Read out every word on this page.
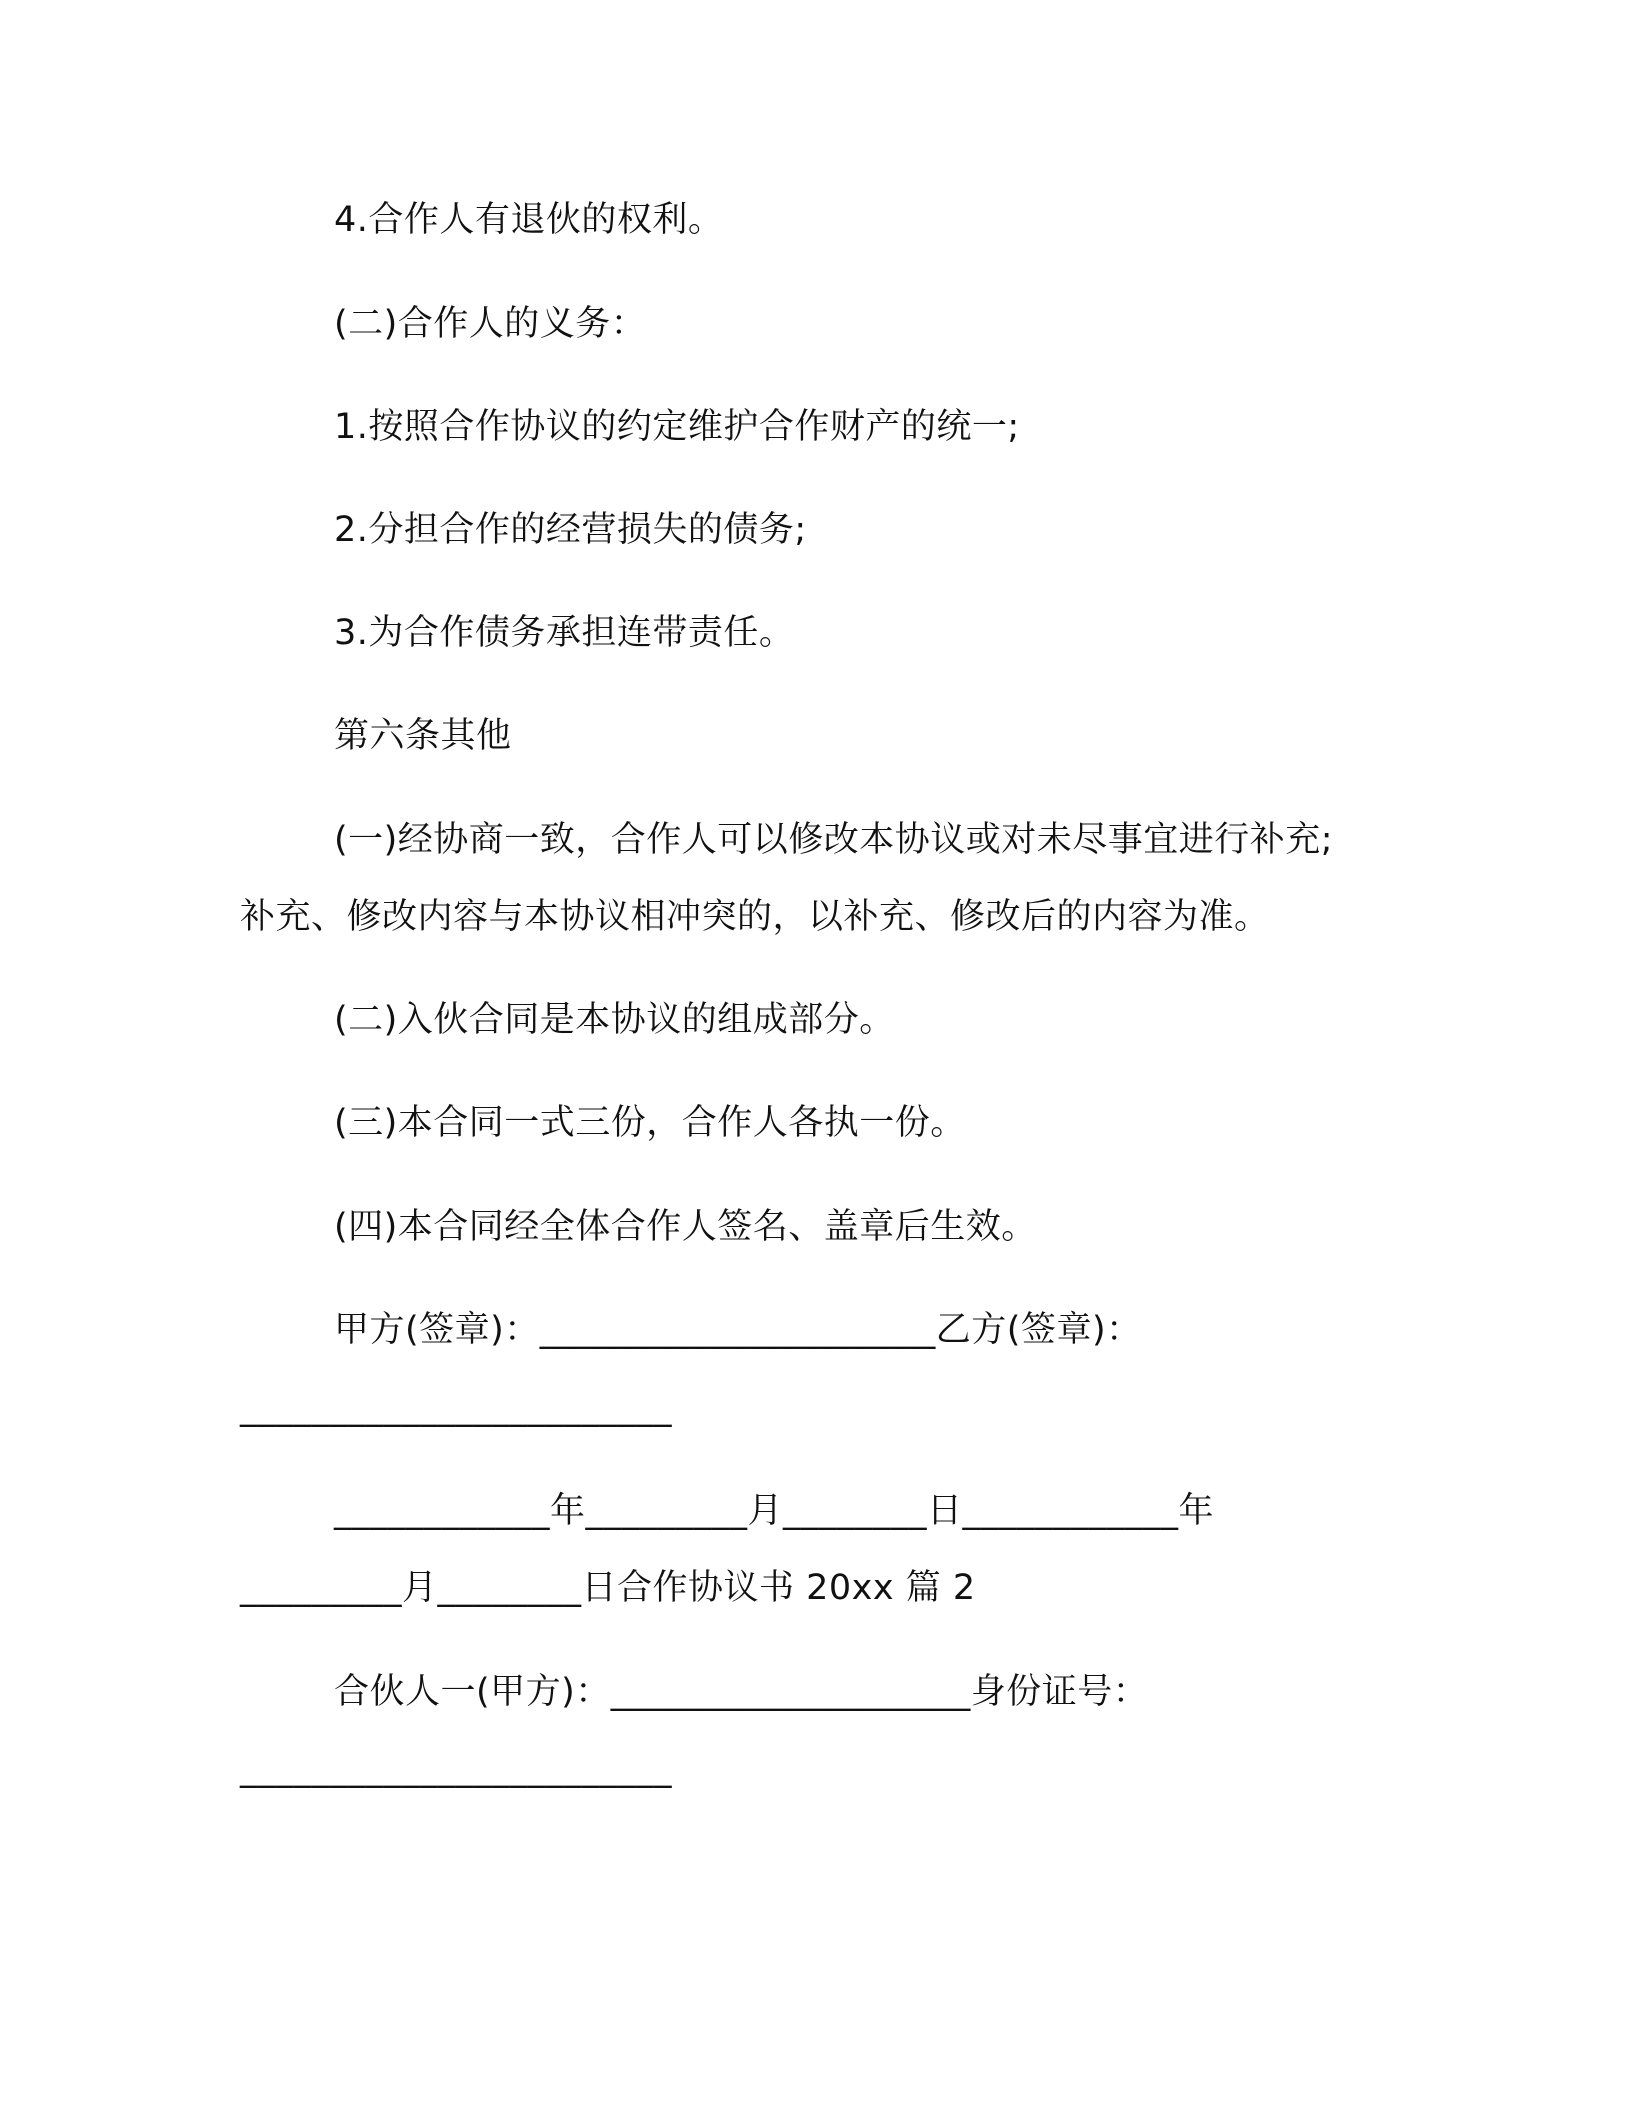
4.合作人有退伙的权利。

(二)合作人的义务：

1.按照合作协议的约定维护合作财产的统一;

2.分担合作的经营损失的债务;

3.为合作债务承担连带责任。

第六条其他

(一)经协商一致，合作人可以修改本协议或对未尽事宜进行补充;

补充、修改内容与本协议相冲突的，以补充、修改后的内容为准。

(二)入伙合同是本协议的组成部分。

(三)本合同一式三份，合作人各执一份。

(四)本合同经全体合作人签名、盖章后生效。

甲方(签章)：______________________乙方(签章)：

________________________

____________年_________月________日____________年

_________月________日合作协议书 20xx 篇 2

合伙人一(甲方)：____________________身份证号：

________________________
